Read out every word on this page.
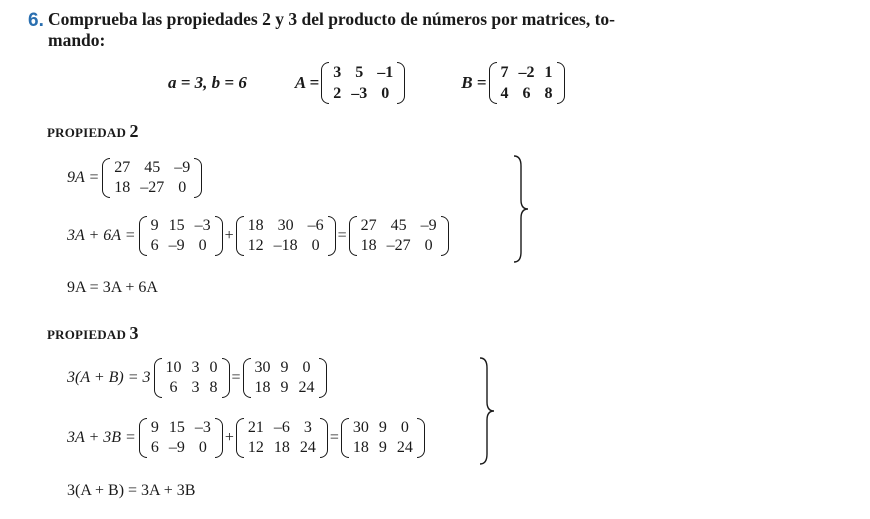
6. Comprueba las propiedades 2 y 3 del producto de números por matrices, to-
mando:
a = 3, b = 6	A =
3	5	–1
2	–3	0
B =
7	–2	1
4	6	8
PROPIEDAD 2
9A =
27	45	–9
18	–27	0
3A + 6A =
9	15	–3
6	–9	0
+
18	30	–6
12	–18	0
=
27	45	–9
18	–27	0
9A = 3A + 6A
PROPIEDAD 3
3(A + B) = 3
10	3	0
6	3	8
=
30	9	0
18	9	24
3A + 3B =
9	15	–3
6	–9	0
+
21	–6	3
12	18	24
=
30	9	0
18	9	24
3(A + B) = 3A + 3B
